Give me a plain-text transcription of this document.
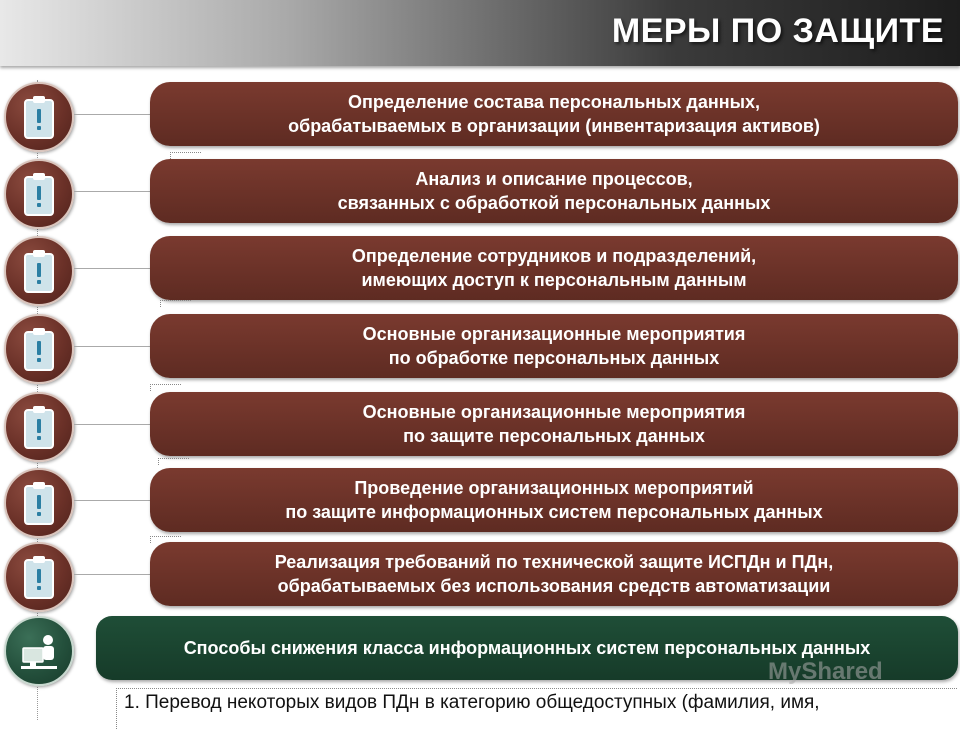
МЕРЫ ПО ЗАЩИТЕ
Определение состава персональных данных,
обрабатываемых в организации (инвентаризация активов)
Анализ и описание процессов,
связанных с обработкой персональных данных
Определение сотрудников и подразделений,
имеющих доступ к персональным данным
Основные организационные мероприятия
по обработке персональных данных
Основные организационные мероприятия
по защите персональных данных
Проведение организационных мероприятий
по защите информационных систем персональных данных
Реализация требований по технической защите ИСПДн и ПДн,
обрабатываемых без использования средств автоматизации
Способы снижения класса информационных систем персональных данных
1. Перевод некоторых видов ПДн в категорию общедоступных (фамилия, имя,
MyShared
